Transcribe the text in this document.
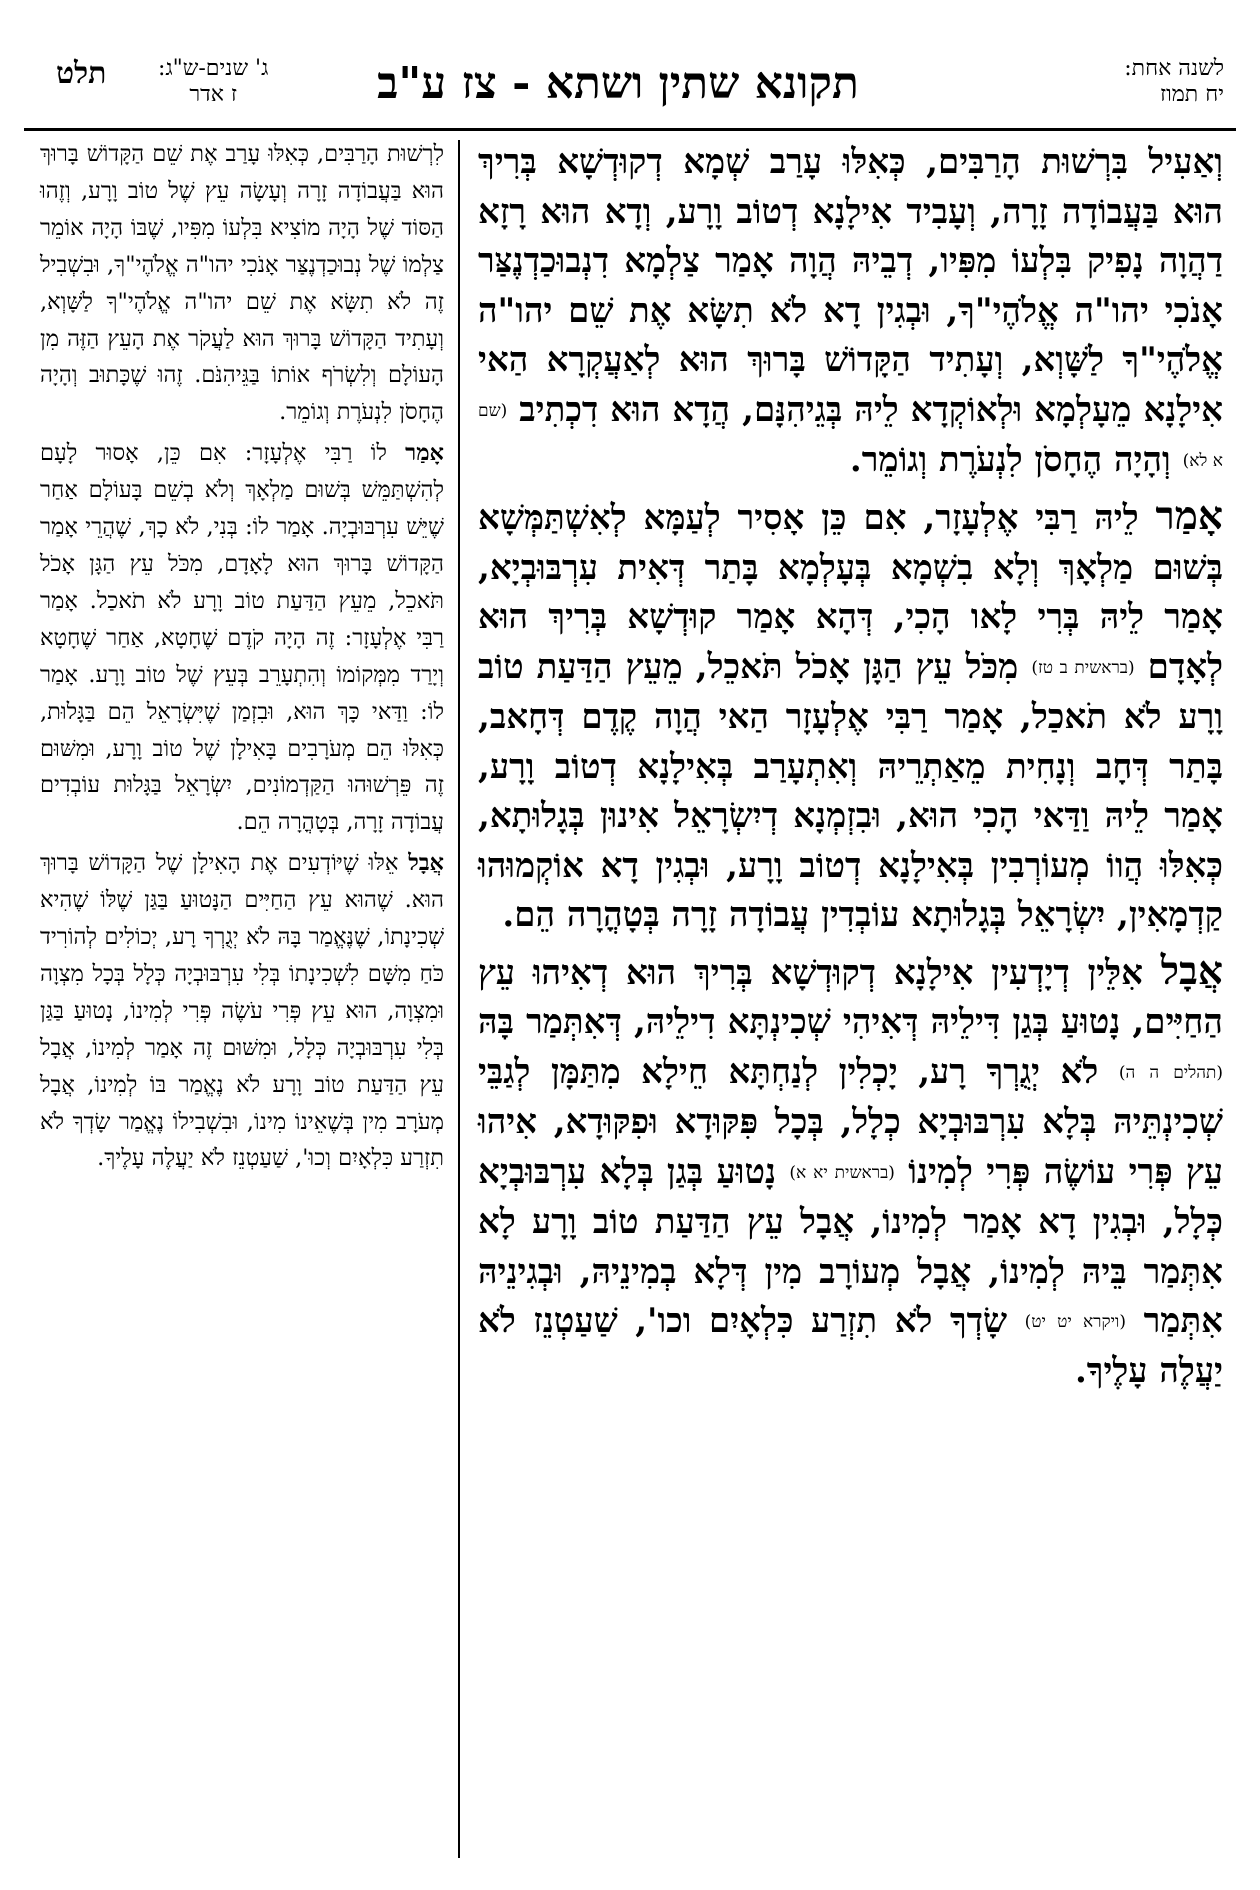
לשנה אחת:
יח תמוז
תקונא שתין ושתא - צז ע"ב
ג' שנים-ש"ג:
ז אדר
תלט

וְאַעִיל בִּרְשׁוּת הָרַבִּים, כְּאִלּוּ עָרַב שְׁמָא דְקוּדְשָׁא בְּרִיךְ הוּא בַּעֲבוֹדָה זָרָה, וְעָבִיד אִילָנָא דְטוֹב וָרָע, וְדָא הוּא רָזָא דַהֲוָה נָפִיק בִּלְעוֹ מִפִּיו, דְבֵיהּ הֲוָה אָמַר צַלְמָא דִנְבוּכַדְנֶצַּר אָנֹכִי יהו"ה אֱלֹהֶי"ךָ, וּבְגִין דָא לֹא תִשָּׂא אֶת שֵׁם יהו"ה אֱלֹהֶי"ךָ לַשָּׁוְא, וְעָתִיד הַקָּדוֹשׁ בָּרוּךְ הוּא לְאַעֲקְרָא הַאי אִילָנָא מֵעָלְמָא וּלְאוֹקְדָא לֵיהּ בְּגֵיהִנָּם, הֲדָא הוּא דִכְתִיב (שם א לא) וְהָיָה הֶחָסֹן לִנְעֹרֶת וְגוֹמֵר.

אָמַר לֵיהּ רַבִּי אֶלְעָזָר, אִם כֵּן אָסִיר לְעַמָּא לְאִשְׁתַּמְּשָׁא בְּשׁוּם מַלְאָךְ וְלָא בִשְׁמָא בְּעָלְמָא בָּתַר דְּאִית עִרְבּוּבְיָא, אָמַר לֵיהּ בְּרִי לָאו הָכִי, דְּהָא אָמַר קוּדְשָׁא בְּרִיךְ הוּא לְאָדָם (בראשית ב טז) מִכֹּל עֵץ הַגָּן אָכֹל תֹּאכֵל, מֵעֵץ הַדַּעַת טוֹב וָרָע לֹא תֹאכַל, אָמַר רַבִּי אֶלְעָזָר הַאי הֲוָה קֶדֶם דְּחָאב, בָּתַר דְּחָב וְנָחִית מֵאַתְרֵיהּ וְאִתְעָרַב בְּאִילָנָא דְטוֹב וָרָע, אָמַר לֵיהּ וַדַּאי הָכִי הוּא, וּבִזְמְנָא דְיִשְׂרָאֵל אִינוּן בְּגָלוּתָא, כְּאִלּוּ הֲווֹ מְעוֹרְבִין בְּאִילָנָא דְטוֹב וָרָע, וּבְגִין דָא אוֹקְמוּהוּ קַדְמָאִין, יִשְׂרָאֵל בְּגָלוּתָא עוֹבְדִין עֲבוֹדָה זָרָה בְּטָהֳרָה הֵם.

אֲבָל אִלֵּין דְיָדְעִין אִילָנָא דְקוּדְשָׁא בְּרִיךְ הוּא דְאִיהוּ עֵץ הַחַיִּים, נָטוּעַ בְּגַן דִּילֵיהּ דְּאִיהִי שְׁכִינְתָּא דִילֵיהּ, דְּאִתְּמַר בָּהּ (תהלים ה ה) לֹא יְגֻרְךָ רָע, יָכְלִין לְנַחְתָּא חֵילָא מִתַּמָּן לְגַבֵּי שְׁכִינְתֵּיהּ בְּלָא עִרְבּוּבְיָא כְלָל, בְּכָל פִּקּוּדָא וּפִקּוּדָא, אִיהוּ עֵץ פְּרִי עוֹשֶׂה פְּרִי לְמִינוֹ (בראשית יא א) נָטוּעַ בְּגַן בְּלָא עִרְבּוּבְיָא כְּלָל, וּבְגִין דָא אָמַר לְמִינוֹ, אֲבָל עֵץ הַדַּעַת טוֹב וָרָע לָא אִתְּמַר בֵּיהּ לְמִינוֹ, אֲבָל מְעוֹרָב מִין דְּלָא בְמִינֵיהּ, וּבְגִינֵיהּ אִתְּמַר (ויקרא יט יט) שָׂדְךָ לֹא תִזְרַע כִּלְאָיִם וכו', שַׁעַטְנֵז לֹא יַעֲלֶה עָלֶיךָ.

לִרְשׁוּת הָרַבִּים, כְּאִלּוּ עָרַב אֶת שֵׁם הַקָּדוֹשׁ בָּרוּךְ הוּא בַּעֲבוֹדָה זָרָה וְעָשָׂה עֵץ שֶׁל טוֹב וָרָע, וְזֶהוּ הַסּוֹד שֶׁל הָיָה מוֹצִיא בִּלְעוֹ מִפִּיו, שֶׁבּוֹ הָיָה אוֹמֵר צַלְמוֹ שֶׁל נְבוּכַדְנֶצַּר אָנֹכִי יהו"ה אֱלֹהֶי"ךָ, וּבִשְׁבִיל זֶה לֹא תִשָּׂא אֶת שֵׁם יהו"ה אֱלֹהֶי"ךָ לַשָּׁוְא, וְעָתִיד הַקָּדוֹשׁ בָּרוּךְ הוּא לַעֲקֹר אֶת הָעֵץ הַזֶּה מִן הָעוֹלָם וְלִשְׂרֹף אוֹתוֹ בַּגֵּיהִנֹּם. זֶהוּ שֶׁכָּתוּב וְהָיָה הֶחָסֹן לִנְעֹרֶת וְגוֹמֵר.

אָמַר לוֹ רַבִּי אֶלְעָזָר: אִם כֵּן, אָסוּר לָעָם לְהִשְׁתַּמֵּשׁ בְּשׁוּם מַלְאָךְ וְלֹא בְשֵׁם בָּעוֹלָם אַחַר שֶׁיֵּשׁ עִרְבּוּבְיָה. אָמַר לוֹ: בְּנִי, לֹא כָךְ, שֶׁהֲרֵי אָמַר הַקָּדוֹשׁ בָּרוּךְ הוּא לָאָדָם, מִכֹּל עֵץ הַגָּן אָכֹל תֹּאכֵל, מֵעֵץ הַדַּעַת טוֹב וָרָע לֹא תֹאכַל. אָמַר רַבִּי אֶלְעָזָר: זֶה הָיָה קֹדֶם שֶׁחָטָא, אַחַר שֶׁחָטָא וְיָרַד מִמְּקוֹמוֹ וְהִתְעָרֵב בְּעֵץ שֶׁל טוֹב וָרָע. אָמַר לוֹ: וַדַּאי כָּךְ הוּא, וּבִזְמַן שֶׁיִּשְׂרָאֵל הֵם בַּגָּלוּת, כְּאִלּוּ הֵם מְעֹרָבִים בָּאִילָן שֶׁל טוֹב וָרָע, וּמִשּׁוּם זֶה פֵּרְשׁוּהוּ הַקַּדְמוֹנִים, יִשְׂרָאֵל בַּגָּלוּת עוֹבְדִים עֲבוֹדָה זָרָה, בְּטָהֳרָה הֵם.

אֲבָל אֵלּוּ שֶׁיּוֹדְעִים אֶת הָאִילָן שֶׁל הַקָּדוֹשׁ בָּרוּךְ הוּא. שֶׁהוּא עֵץ הַחַיִּים הַנָּטוּעַ בַּגַּן שֶׁלּוֹ שֶׁהִיא שְׁכִינָתוֹ, שֶׁנֶּאֱמַר בָּהּ לֹא יְגֻרְךָ רָע, יְכוֹלִים לְהוֹרִיד כֹּחַ מִשָּׁם לִשְׁכִינָתוֹ בְּלִי עִרְבּוּבְיָה כְּלָל בְּכָל מִצְוָה וּמִצְוָה, הוּא עֵץ פְּרִי עֹשֶׂה פְּרִי לְמִינוֹ, נָטוּעַ בַּגַּן בְּלִי עִרְבּוּבְיָה כְּלָל, וּמִשּׁוּם זֶה אָמַר לְמִינוֹ, אֲבָל עֵץ הַדַּעַת טוֹב וָרָע לֹא נֶאֱמַר בּוֹ לְמִינוֹ, אֲבָל מְעֹרָב מִין בְּשֶׁאֵינוֹ מִינוֹ, וּבִשְׁבִילוֹ נֶאֱמַר שָׂדְךָ לֹא תִזְרַע כִּלְאָיִם וְכוּ', שַׁעַטְנֵז לֹא יַעֲלֶה עָלֶיךָ.
